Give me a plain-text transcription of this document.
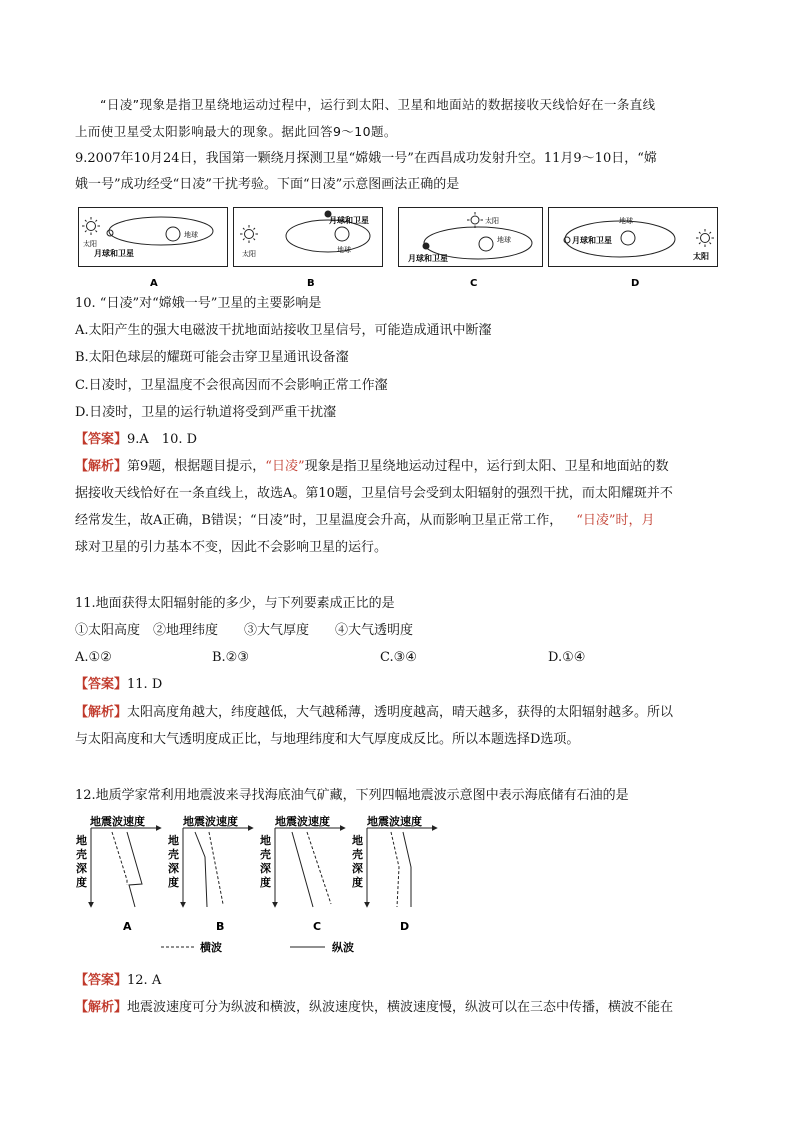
“日凌”现象是指卫星绕地运动过程中，运行到太阳、卫星和地面站的数据接收天线恰好在一条直线
上而使卫星受太阳影响最大的现象。据此回答9～10题。
9.2007年10月24日，我国第一颗绕月探测卫星“嫦娥一号”在西昌成功发射升空。11月9～10日，“嫦
娥一号”成功经受“日凌”干扰考验。下面“日凌”示意图画法正确的是
太阳
地球
月球和卫星
A
太阳
月球和卫星
地球
B
太阳
地球
月球和卫星
C
月球和卫星
地球
太阳
D
10. “日凌”对“嫦娥一号”卫星的主要影响是
A.太阳产生的强大电磁波干扰地面站接收卫星信号，可能造成通讯中断瀣
B.太阳色球层的耀斑可能会击穿卫星通讯设备瀣
C.日凌时，卫星温度不会很高因而不会影响正常工作瀣
D.日凌时，卫星的运行轨道将受到严重干扰瀣
【答案】9.A　10. D
【解析】第9题，根据题目提示，“日凌”现象是指卫星绕地运动过程中，运行到太阳、卫星和地面站的数
据接收天线恰好在一条直线上，故选A。第10题，卫星信号会受到太阳辐射的强烈干扰，而太阳耀斑并不
经常发生，故A正确，B错误；“日凌”时，卫星温度会升高，从而影响卫星正常工作， “日凌”时，月
球对卫星的引力基本不变，因此不会影响卫星的运行。
11.地面获得太阳辐射能的多少，与下列要素成正比的是
①太阳高度　②地理纬度　　③大气厚度　　④大气透明度
A.①②	B.②③	C.③④	D.①④
【答案】11. D
【解析】太阳高度角越大，纬度越低，大气越稀薄，透明度越高，晴天越多，获得的太阳辐射越多。所以
与太阳高度和大气透明度成正比，与地理纬度和大气厚度成反比。所以本题选择D选项。
12.地质学家常利用地震波来寻找海底油气矿藏，下列四幅地震波示意图中表示海底储有石油的是
地震波速度
地
壳
深
度
A
地震波速度
地
壳
深
度
B
地震波速度
地
壳
深
度
C
地震波速度
地
壳
深
度
D
横波	纵波
【答案】12. A
【解析】地震波速度可分为纵波和横波，纵波速度快，横波速度慢，纵波可以在三态中传播，横波不能在
